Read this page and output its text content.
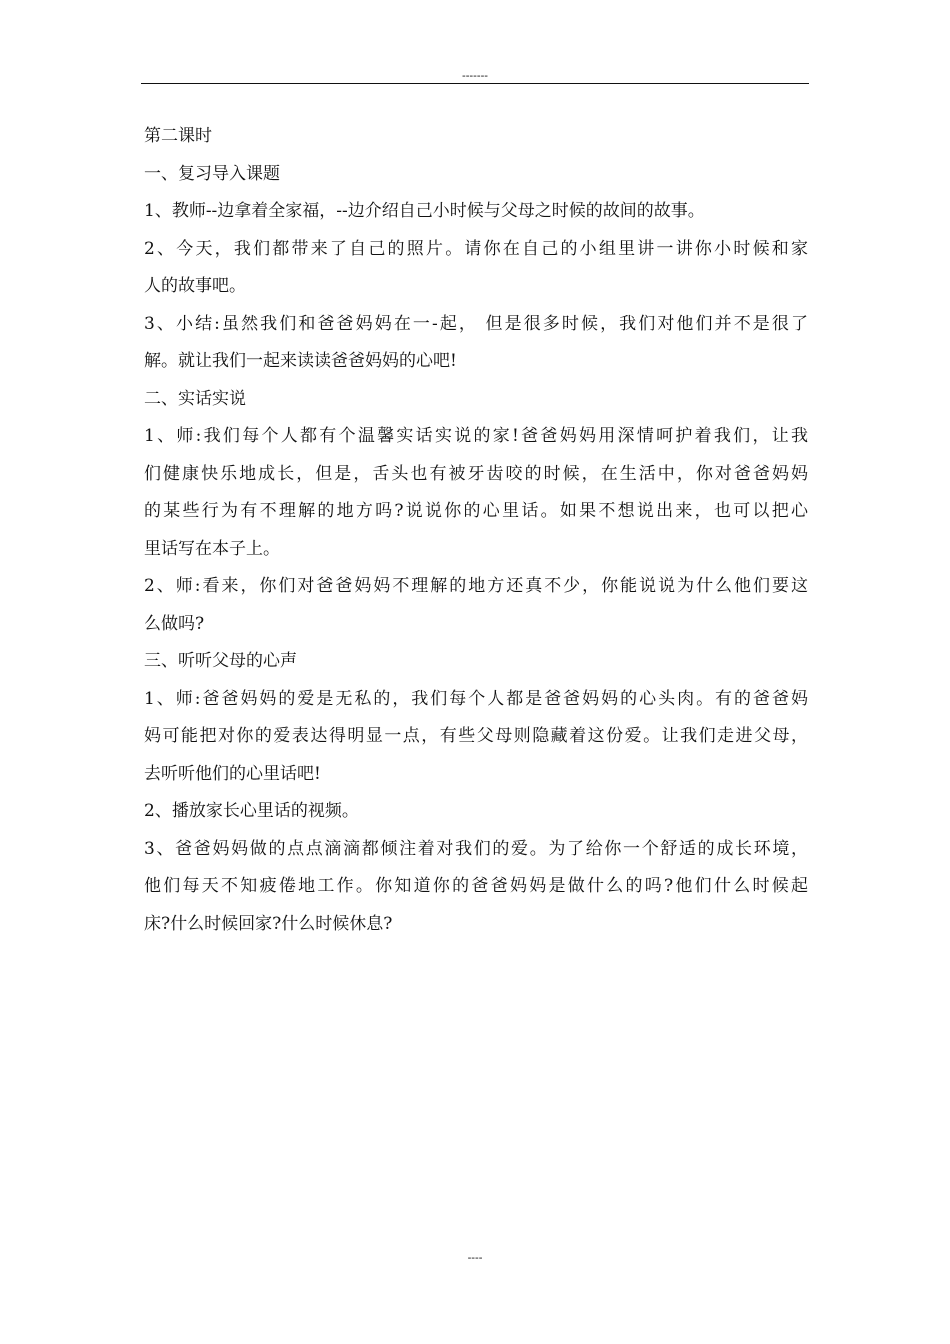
-------
第二课时
一、复习导入课题
1、教师--边拿着全家福，--边介绍自己小时候与父母之时候的故间的故事。
2、今天，我们都带来了自己的照片。请你在自己的小组里讲一讲你小时候和家
人的故事吧。
3、小结:虽然我们和爸爸妈妈在一-起， 但是很多时候，我们对他们并不是很了
解。就让我们一起来读读爸爸妈妈的心吧!
二、实话实说
1、师:我们每个人都有个温馨实话实说的家!爸爸妈妈用深情呵护着我们，让我
们健康快乐地成长，但是，舌头也有被牙齿咬的时候，在生活中，你对爸爸妈妈
的某些行为有不理解的地方吗?说说你的心里话。如果不想说出来，也可以把心
里话写在本子上。
2、师:看来，你们对爸爸妈妈不理解的地方还真不少，你能说说为什么他们要这
么做吗?
三、听听父母的心声
1、师:爸爸妈妈的爱是无私的，我们每个人都是爸爸妈妈的心头肉。有的爸爸妈
妈可能把对你的爱表达得明显一点，有些父母则隐藏着这份爱。让我们走进父母，
去听听他们的心里话吧!
2、播放家长心里话的视频。
3、爸爸妈妈做的点点滴滴都倾注着对我们的爱。为了给你一个舒适的成长环境，
他们每天不知疲倦地工作。你知道你的爸爸妈妈是做什么的吗?他们什么时候起
床?什么时候回家?什么时候休息?
----
